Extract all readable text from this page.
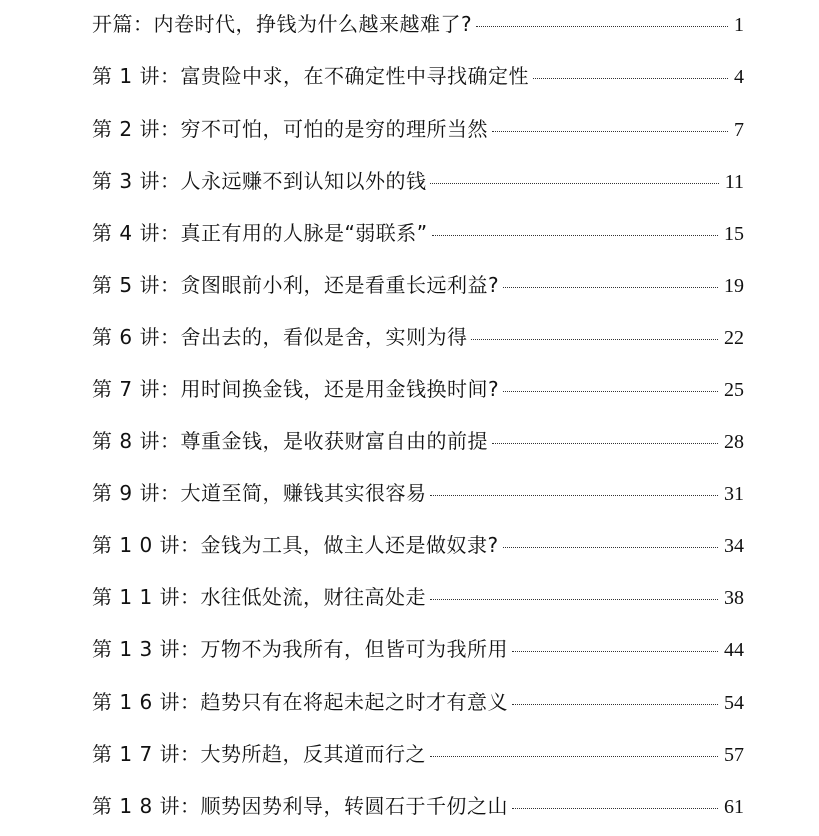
开篇：内卷时代，挣钱为什么越来越难了?	1
第 1 讲：富贵险中求，在不确定性中寻找确定性	4
第 2 讲：穷不可怕，可怕的是穷的理所当然	7
第 3 讲：人永远赚不到认知以外的钱	11
第 4 讲：真正有用的人脉是“弱联系”	15
第 5 讲：贪图眼前小利，还是看重长远利益?	19
第 6 讲：舍出去的，看似是舍，实则为得	22
第 7 讲：用时间换金钱，还是用金钱换时间?	25
第 8 讲：尊重金钱，是收获财富自由的前提	28
第 9 讲：大道至简，赚钱其实很容易	31
第 1 0 讲：金钱为工具，做主人还是做奴隶?	34
第 1 1 讲：水往低处流，财往高处走	38
第 1 3 讲：万物不为我所有，但皆可为我所用	44
第 1 6 讲：趋势只有在将起未起之时才有意义	54
第 1 7 讲：大势所趋，反其道而行之	57
第 1 8 讲：顺势因势利导，转圆石于千仞之山	61
